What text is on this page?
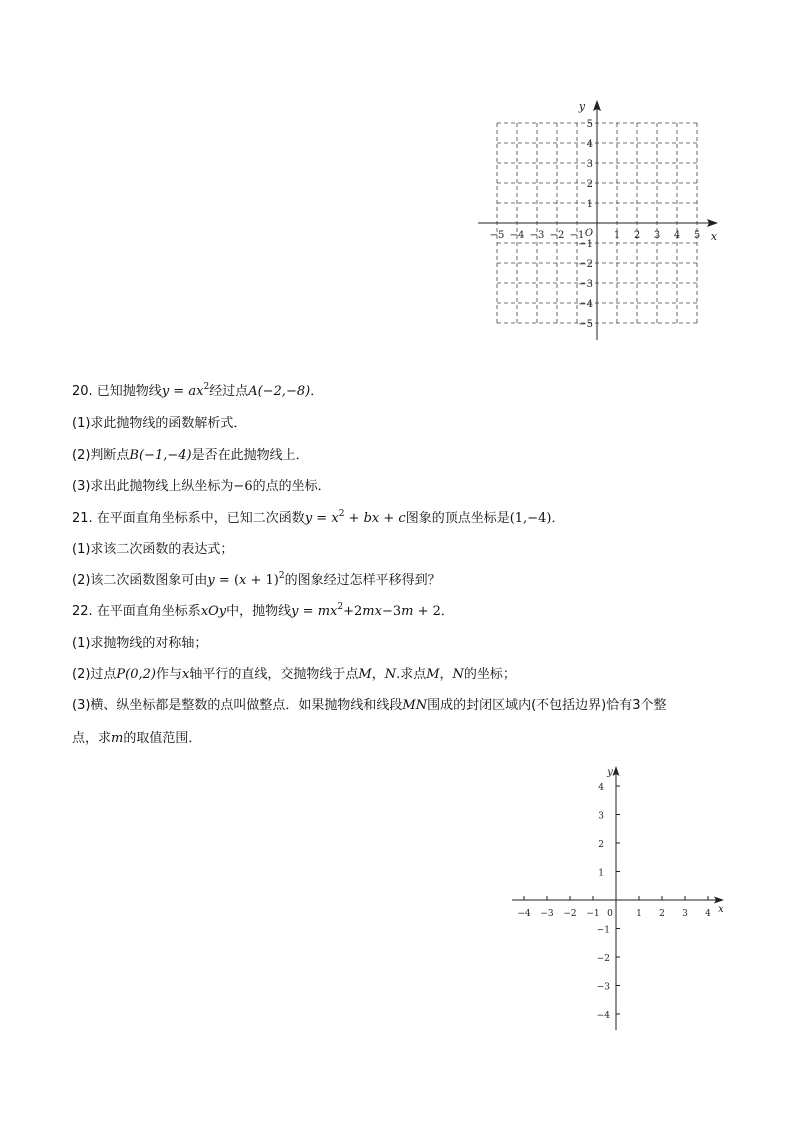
−5 −4 −3 −2 −1	1 2 3 4 5
1
2
3
4
5
−1
−2
−3
−4
−5
O	x
y
20. 已知抛物线$y = ax^2$经过点A(−2,−8)．
(1)求此抛物线的函数解析式．
(2)判断点B(−1,−4)是否在此抛物线上．
(3)求出此抛物线上纵坐标为−6的点的坐标．
21. 在平面直角坐标系中，已知二次函数$y = x^2$ + bx + c图象的顶点坐标是(1,−4)．
(1)求该二次函数的表达式；
(2)该二次函数图象可由$y = (x + 1)^2$的图象经过怎样平移得到？
22. 在平面直角坐标系xOy中，抛物线$y = mx^2+2mx-3m + 2$．
(1)求抛物线的对称轴；
(2)过点P(0,2)作与x轴平行的直线，交抛物线于点M，N.求点M，N的坐标；
(3)横、纵坐标都是整数的点叫做整点．如果抛物线和线段MN围成的封闭区域内(不包括边界)恰有3个整
点，求m的取值范围．
−4 −3 −2 −1	1 2 3 4
1
2
3
4
−1
−2
−3
−4
0	x
y
